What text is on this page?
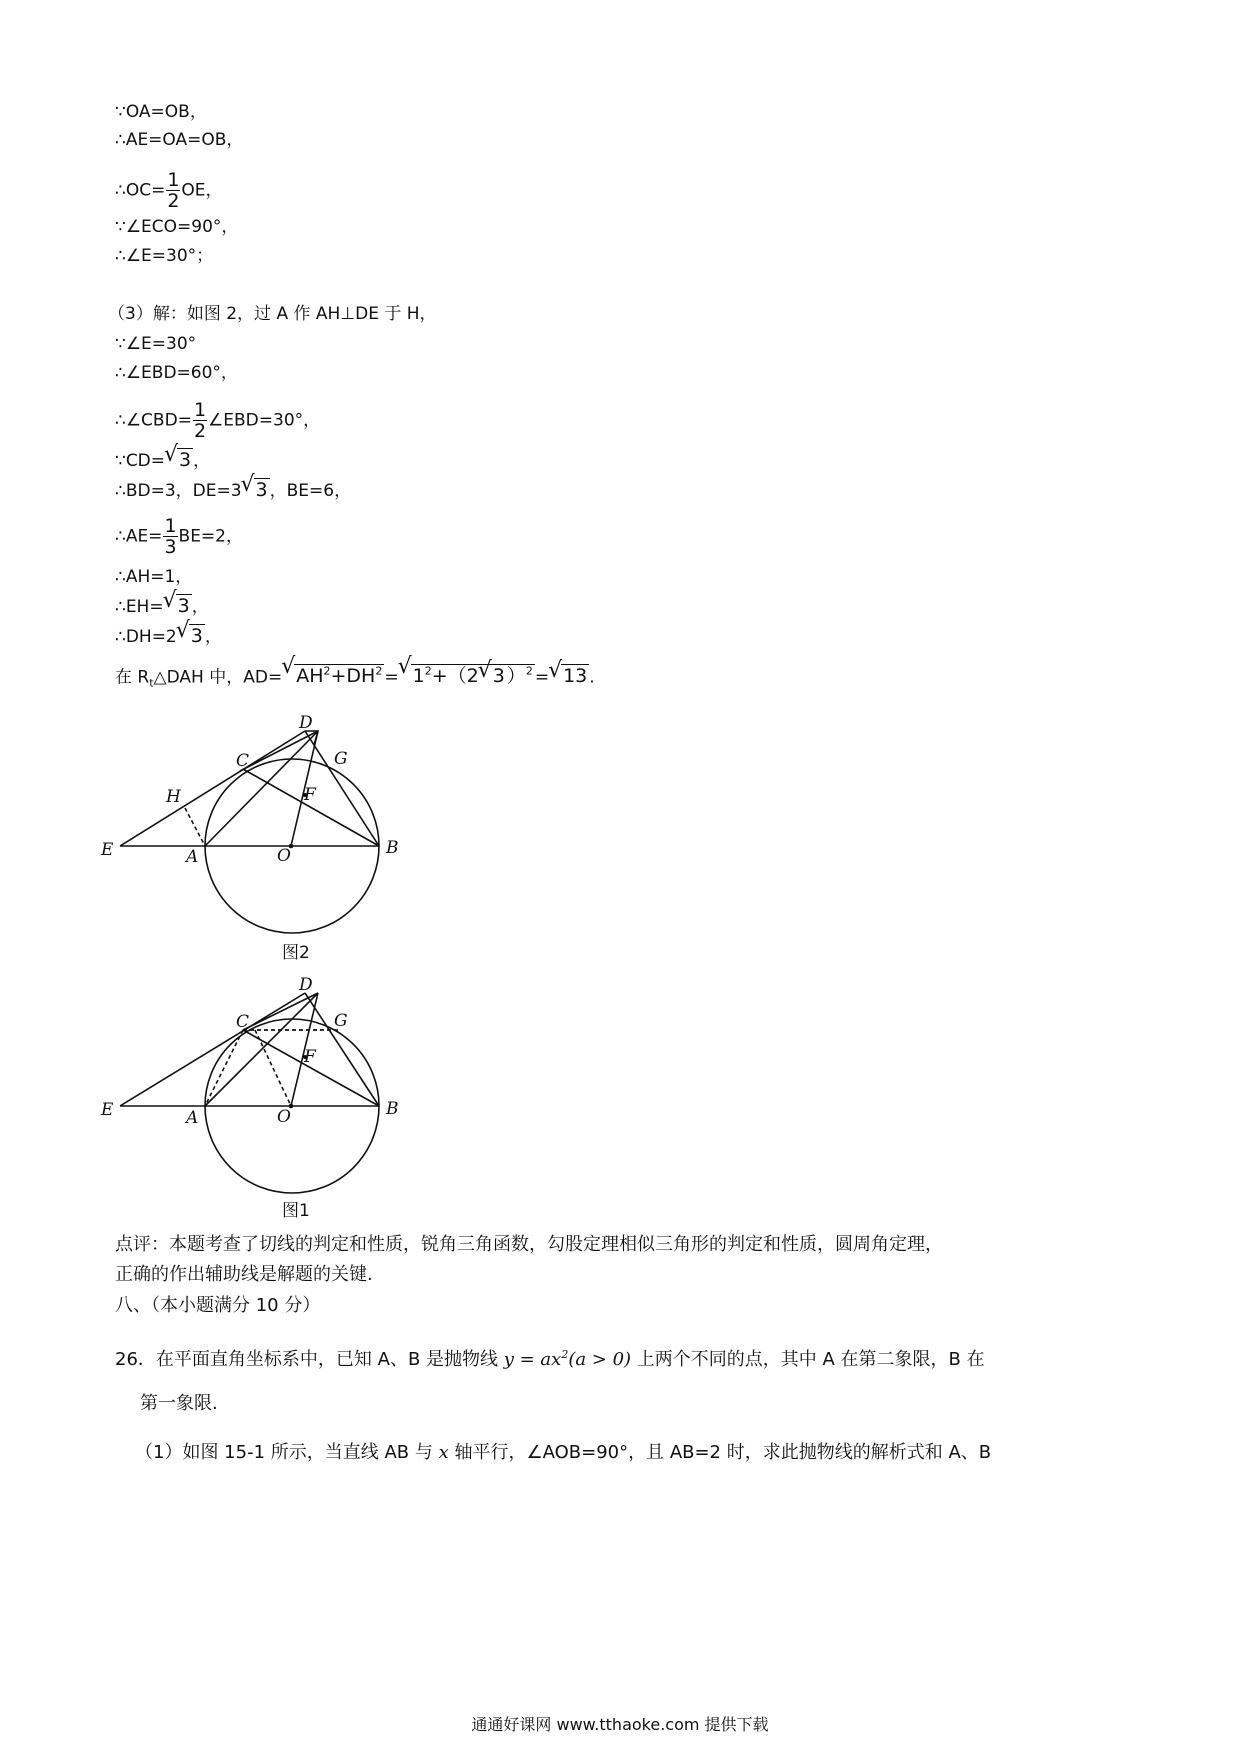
∵OA=OB，
∴AE=OA=OB，
∴OC= $\frac{1}{2}$ OE，
∵∠ECO=90°，
∴∠E=30°；
（3）解：如图 2，过 A 作 AH⊥DE 于 H，
∵∠E=30°
∴∠EBD=60°，
∴∠CBD= $\frac{1}{2}$ ∠EBD=30°，
∵CD=√ 3 ，
∴BD=3，DE=3√ 3 ，BE=6，
∴AE= $\frac{1}{3} BE=2$，
∴AH=1，
∴EH=√ 3 ，
∴DH=2√ 3 ，
在 $R_t\triangle DAH$ 中，AD=√ $AH^2+DH^2$ =√ $1^2+(2√$ 3 ）$^2$ =√ 13 .
D
C	G
H	F
E	A	O	B
图2
D
C	G
F
E	A	O	B
图1
点评：本题考查了切线的判定和性质，锐角三角函数，勾股定理相似三角形的判定和性质，圆周角定理，
正确的作出辅助线是解题的关键.
八、（本小题满分 10 分）
26．在平面直角坐标系中，已知 A、B 是抛物线 $y = ax^2(a > 0)$ 上两个不同的点，其中 A 在第二象限，B 在
第一象限.
（1）如图 15-1 所示，当直线 AB 与 x 轴平行，∠AOB=90°，且 AB=2 时，求此抛物线的解析式和 A、B
通通好课网 www.tthaoke.com 提供下载
